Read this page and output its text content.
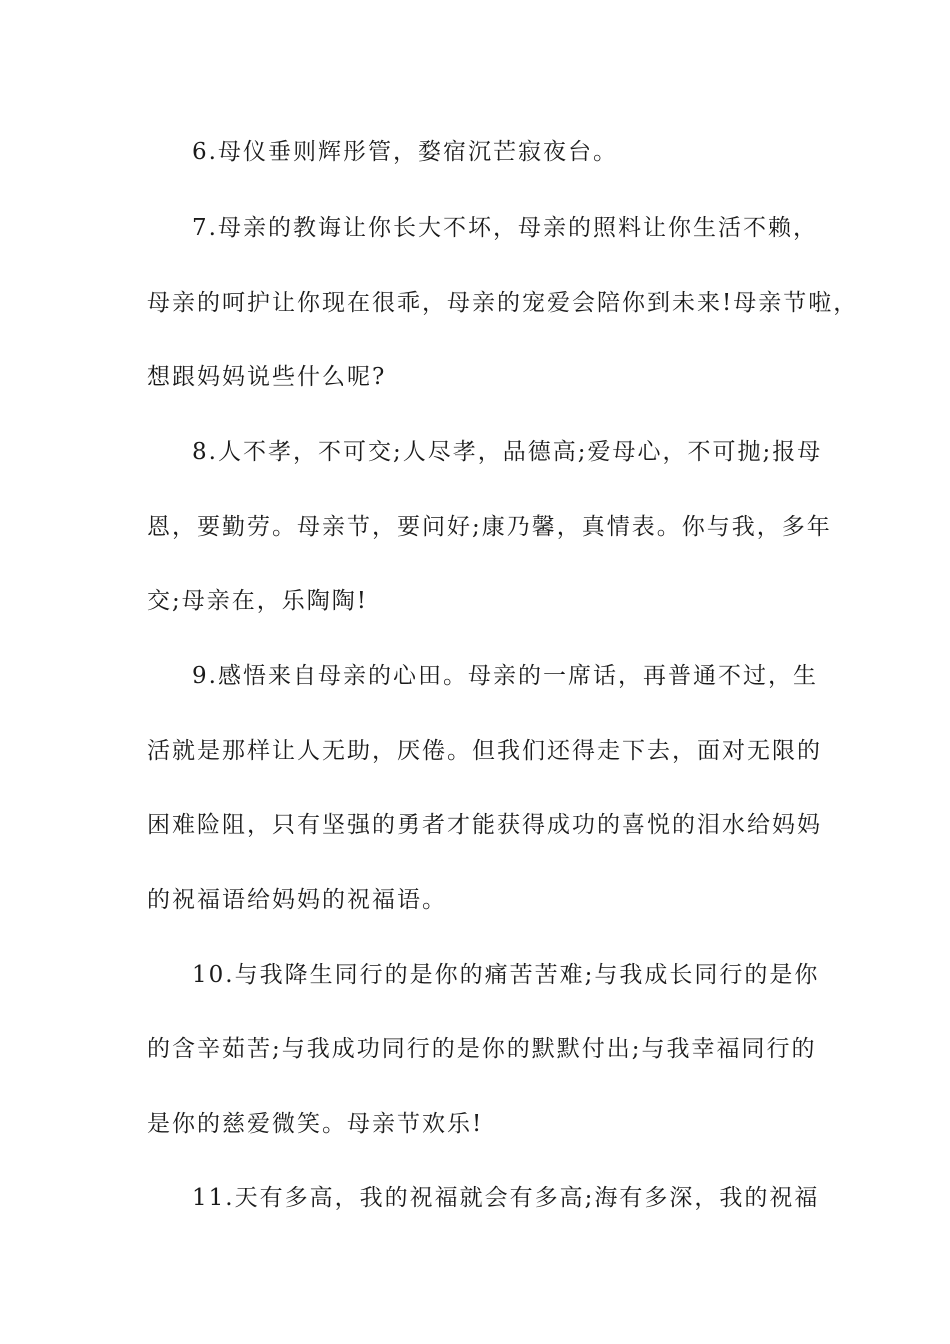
6.母仪垂则辉彤管，婺宿沉芒寂夜台。
7.母亲的教诲让你长大不坏，母亲的照料让你生活不赖，
母亲的呵护让你现在很乖，母亲的宠爱会陪你到未来!母亲节啦，
想跟妈妈说些什么呢?
8.人不孝，不可交;人尽孝，品德高;爱母心，不可抛;报母
恩，要勤劳。母亲节，要问好;康乃馨，真情表。你与我，多年
交;母亲在，乐陶陶!
9.感悟来自母亲的心田。母亲的一席话，再普通不过，生
活就是那样让人无助，厌倦。但我们还得走下去，面对无限的
困难险阻，只有坚强的勇者才能获得成功的喜悦的泪水给妈妈
的祝福语给妈妈的祝福语。
10.与我降生同行的是你的痛苦苦难;与我成长同行的是你
的含辛茹苦;与我成功同行的是你的默默付出;与我幸福同行的
是你的慈爱微笑。母亲节欢乐!
11.天有多高，我的祝福就会有多高;海有多深，我的祝福
